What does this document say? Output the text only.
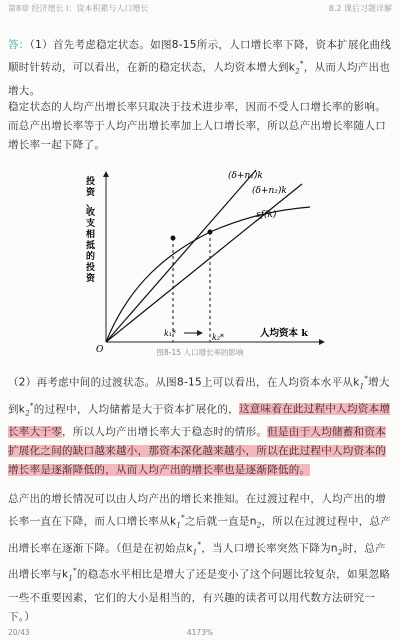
第8章 经济增长 Ⅰ：资本积累与人口增长	8.2 课后习题详解
答：（1）首先考虑稳定状态。如图8-15所示，人口增长率下降，资本扩展化曲线顺时针转动，可以看出，在新的稳定状态，人均资本增大到$k_2^*$，从而人均产出也增大。
稳定状态的人均产出增长率只取决于技术进步率，因而不受人口增长率的影响。而总产出增长率等于人均产出增长率加上人口增长率，所以总产出增长率随人口增长率一起下降了。
投资、收支相抵的投资
(δ+n₁)k
(δ+n₂)k
sf(k)
k₁*	k₂*	人均资本 k
O	图8-15 人口增长率的影响
（2）再考虑中间的过渡状态。从图8-15上可以看出，在人均资本水平从$k_1^*$增大到$k_2^*$的过程中，人均储蓄是大于资本扩展化的，这意味着在此过程中人均资本增长率大于零，所以人均产出增长率大于稳态时的情形。但是由于人均储蓄和资本扩展化之间的缺口越来越小，那资本深化越来越小，所以在此过程中人均资本的增长率是逐渐降低的，从而人均产出的增长率也是逐渐降低的。
总产出的增长情况可以由人均产出的增长来推知。在过渡过程中，人均产出的增长率一直在下降，而人口增长率从$k_1^*$之后就一直是$n_2$，所以在过渡过程中，总产出增长率在逐渐下降。（但是在初始点$k_1^*$，当人口增长率突然下降为$n_2$时，总产出增长率与$k_1^*$的稳态水平相比是增大了还是变小了这个问题比较复杂，如果忽略一些不重要因素，它们的大小是相当的，有兴趣的读者可以用代数方法研究一下。）
20/43	4173%
